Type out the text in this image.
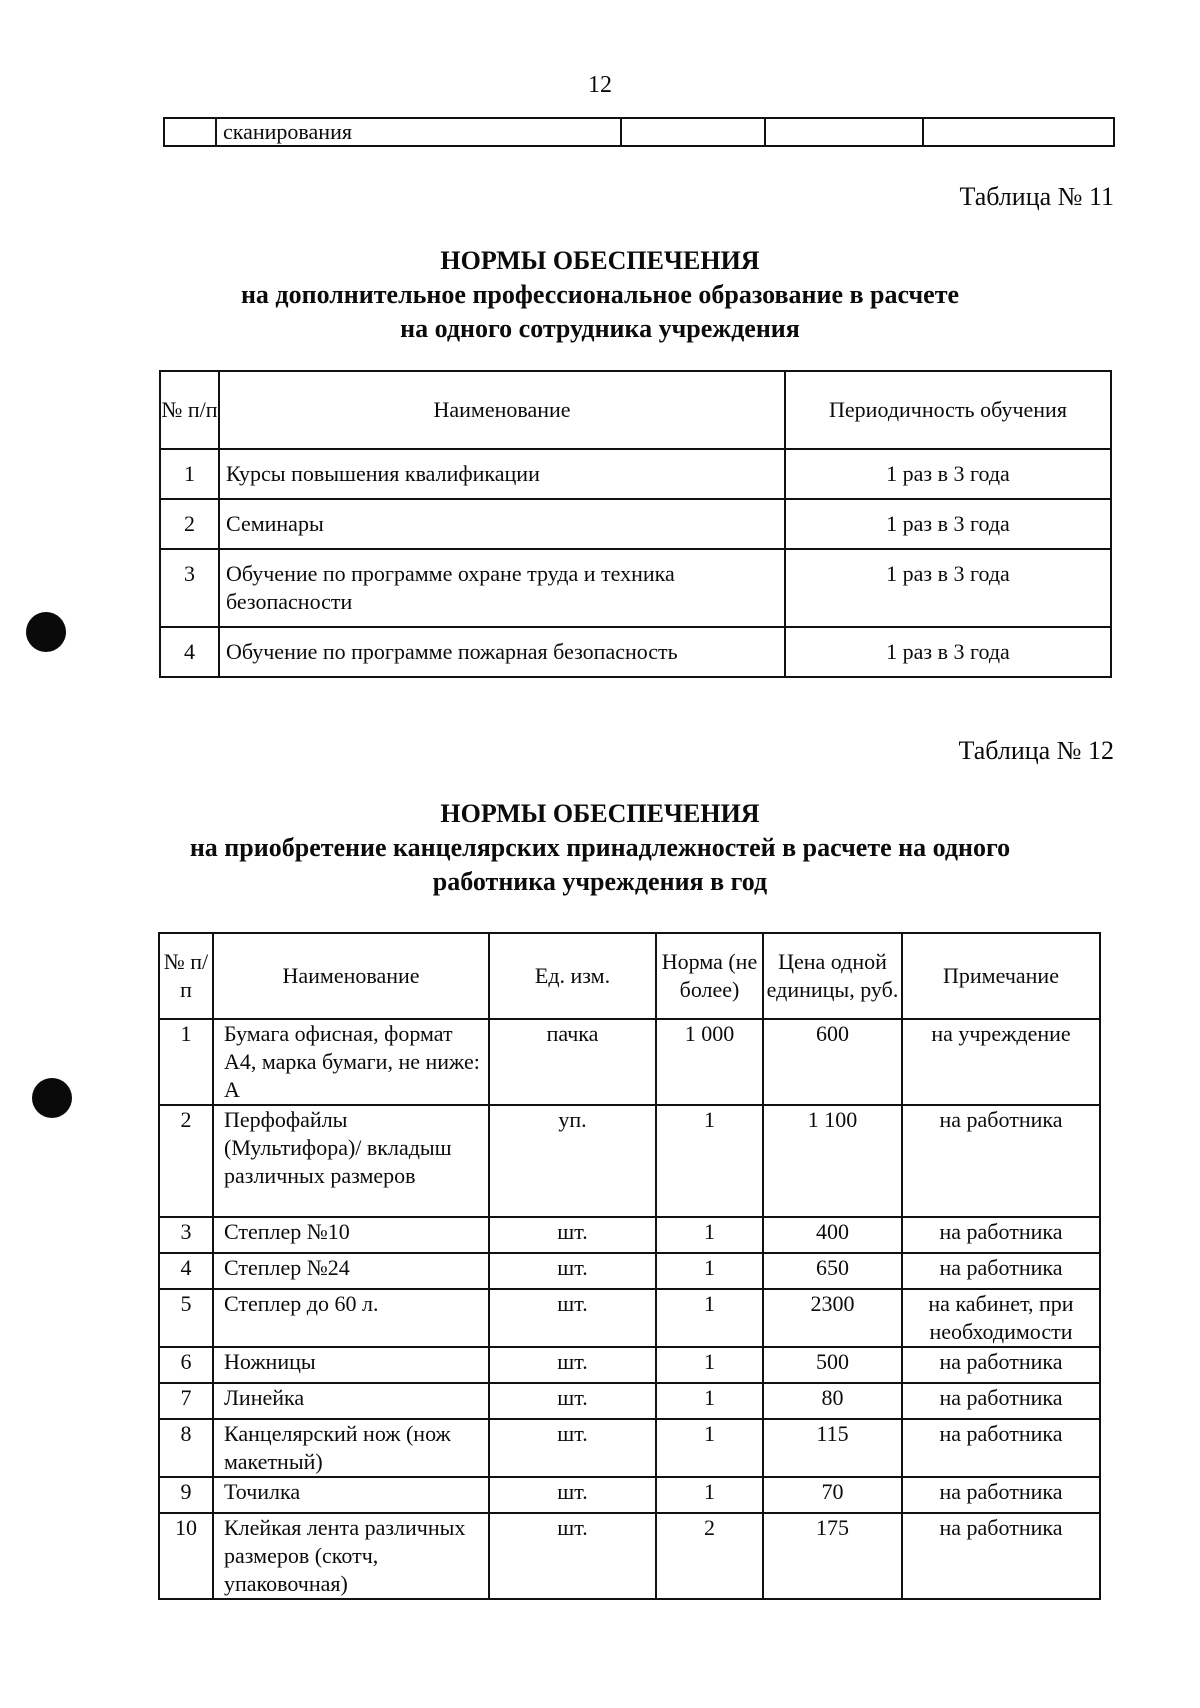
12
	сканирования			
Таблица № 11
НОРМЫ ОБЕСПЕЧЕНИЯ
на дополнительное профессиональное образование в расчете
на одного сотрудника учреждения
№ п/п	Наименование	Периодичность обучения
1	Курсы повышения квалификации	1 раз в 3 года
2	Семинары	1 раз в 3 года
3	Обучение по программе охране труда и техника безопасности	1 раз в 3 года
4	Обучение по программе пожарная безопасность	1 раз в 3 года
Таблица № 12
НОРМЫ ОБЕСПЕЧЕНИЯ
на приобретение канцелярских принадлежностей в расчете на одного
работника учреждения в год
№ п/п	Наименование	Ед. изм.	Норма (не более)	Цена одной единицы, руб.	Примечание
1	Бумага офисная, формат А4, марка бумаги, не ниже: А	пачка	1 000	600	на учреждение
2	Перфофайлы (Мультифора)/ вкладыш различных размеров	уп.	1	1 100	на работника
3	Степлер №10	шт.	1	400	на работника
4	Степлер №24	шт.	1	650	на работника
5	Степлер до 60 л.	шт.	1	2300	на кабинет, при необходимости
6	Ножницы	шт.	1	500	на работника
7	Линейка	шт.	1	80	на работника
8	Канцелярский нож (нож макетный)	шт.	1	115	на работника
9	Точилка	шт.	1	70	на работника
10	Клейкая лента различных размеров (скотч, упаковочная)	шт.	2	175	на работника
